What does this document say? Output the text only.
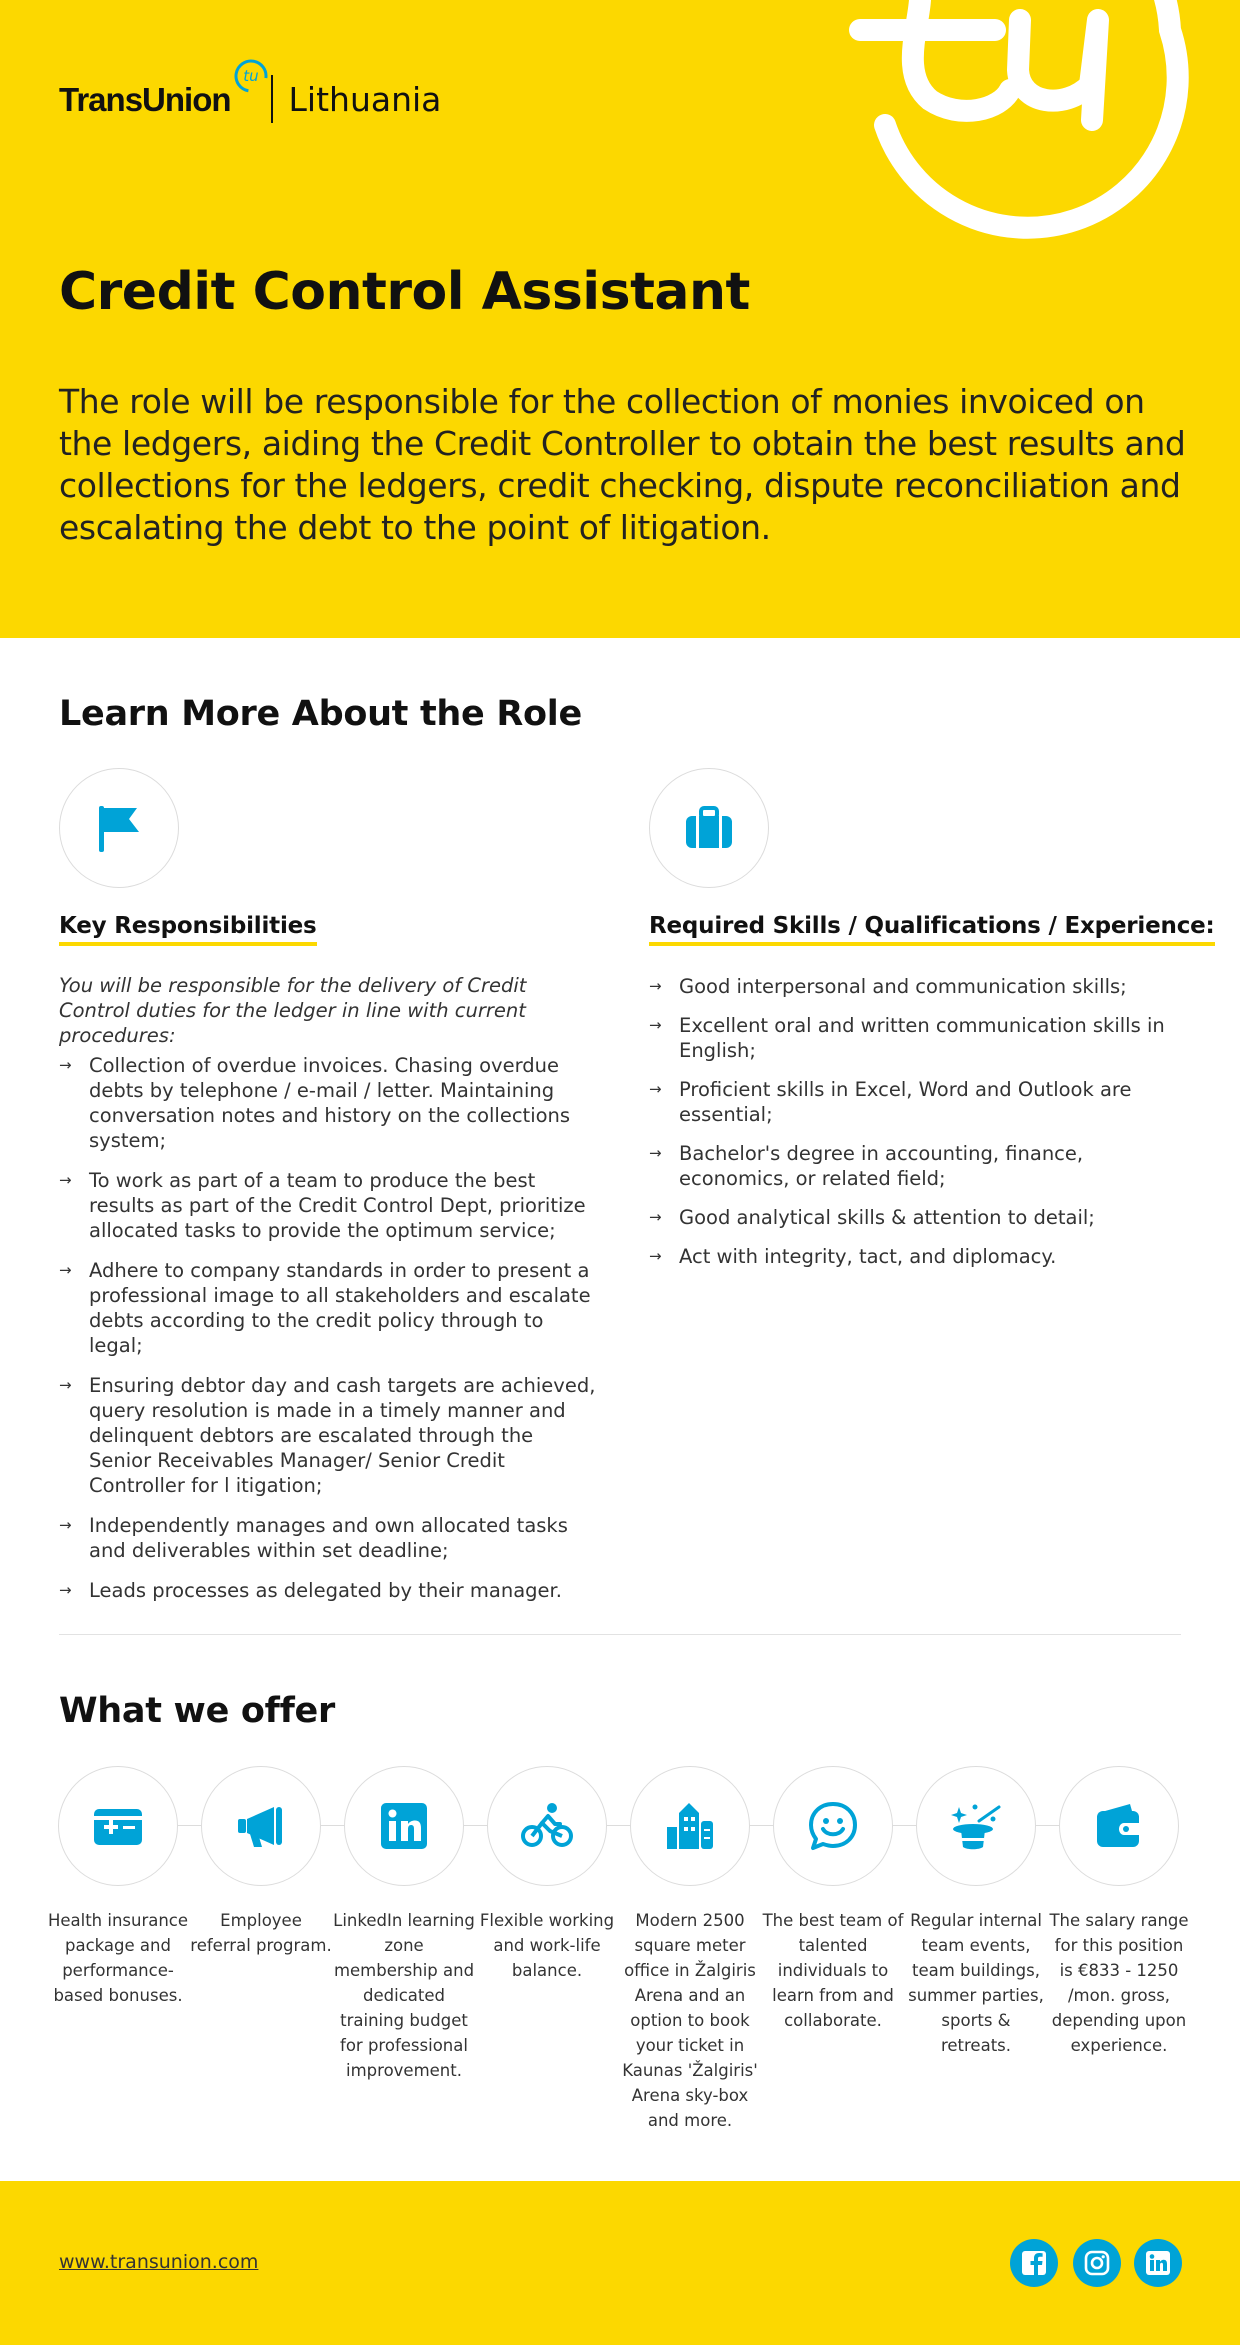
TransUnion
tu
Lithuania
Credit Control Assistant

The role will be responsible for the collection of monies invoiced on the ledgers, aiding the Credit Controller to obtain the best results and collections for the ledgers, credit checking, dispute reconciliation and escalating the debt to the point of litigation.

Learn More About the Role
Key Responsibilities	Required Skills / Qualifications / Experience:

You will be responsible for the delivery of Credit Control duties for the ledger in line with current procedures:

→ Collection of overdue invoices. Chasing overdue debts by telephone / e-mail / letter. Maintaining conversation notes and history on the collections system;
→ To work as part of a team to produce the best results as part of the Credit Control Dept, prioritize allocated tasks to provide the optimum service;
→ Adhere to company standards in order to present a professional image to all stakeholders and escalate debts according to the credit policy through to legal;
→ Ensuring debtor day and cash targets are achieved, query resolution is made in a timely manner and delinquent debtors are escalated through the Senior Receivables Manager/ Senior Credit Controller for l itigation;
→ Independently manages and own allocated tasks and deliverables within set deadline;
→ Leads processes as delegated by their manager.
→ Good interpersonal and communication skills;
→ Excellent oral and written communication skills in English;
→ Proficient skills in Excel, Word and Outlook are essential;
→ Bachelor's degree in accounting, finance, economics, or related field;
→ Good analytical skills & attention to detail;
→ Act with integrity, tact, and diplomacy.
What we offer
Health insurance package and performance-based bonuses.
Employee referral program.
LinkedIn learning zone membership and dedicated training budget for professional improvement.
Flexible working and work-life balance.
Modern 2500 square meter office in Žalgiris Arena and an option to book your ticket in Kaunas 'Žalgiris' Arena sky-box and more.
The best team of talented individuals to learn from and collaborate.
Regular internal team events, team buildings, summer parties, sports & retreats.
The salary range for this position is €833 - 1250 /mon. gross, depending upon experience.
www.transunion.com
